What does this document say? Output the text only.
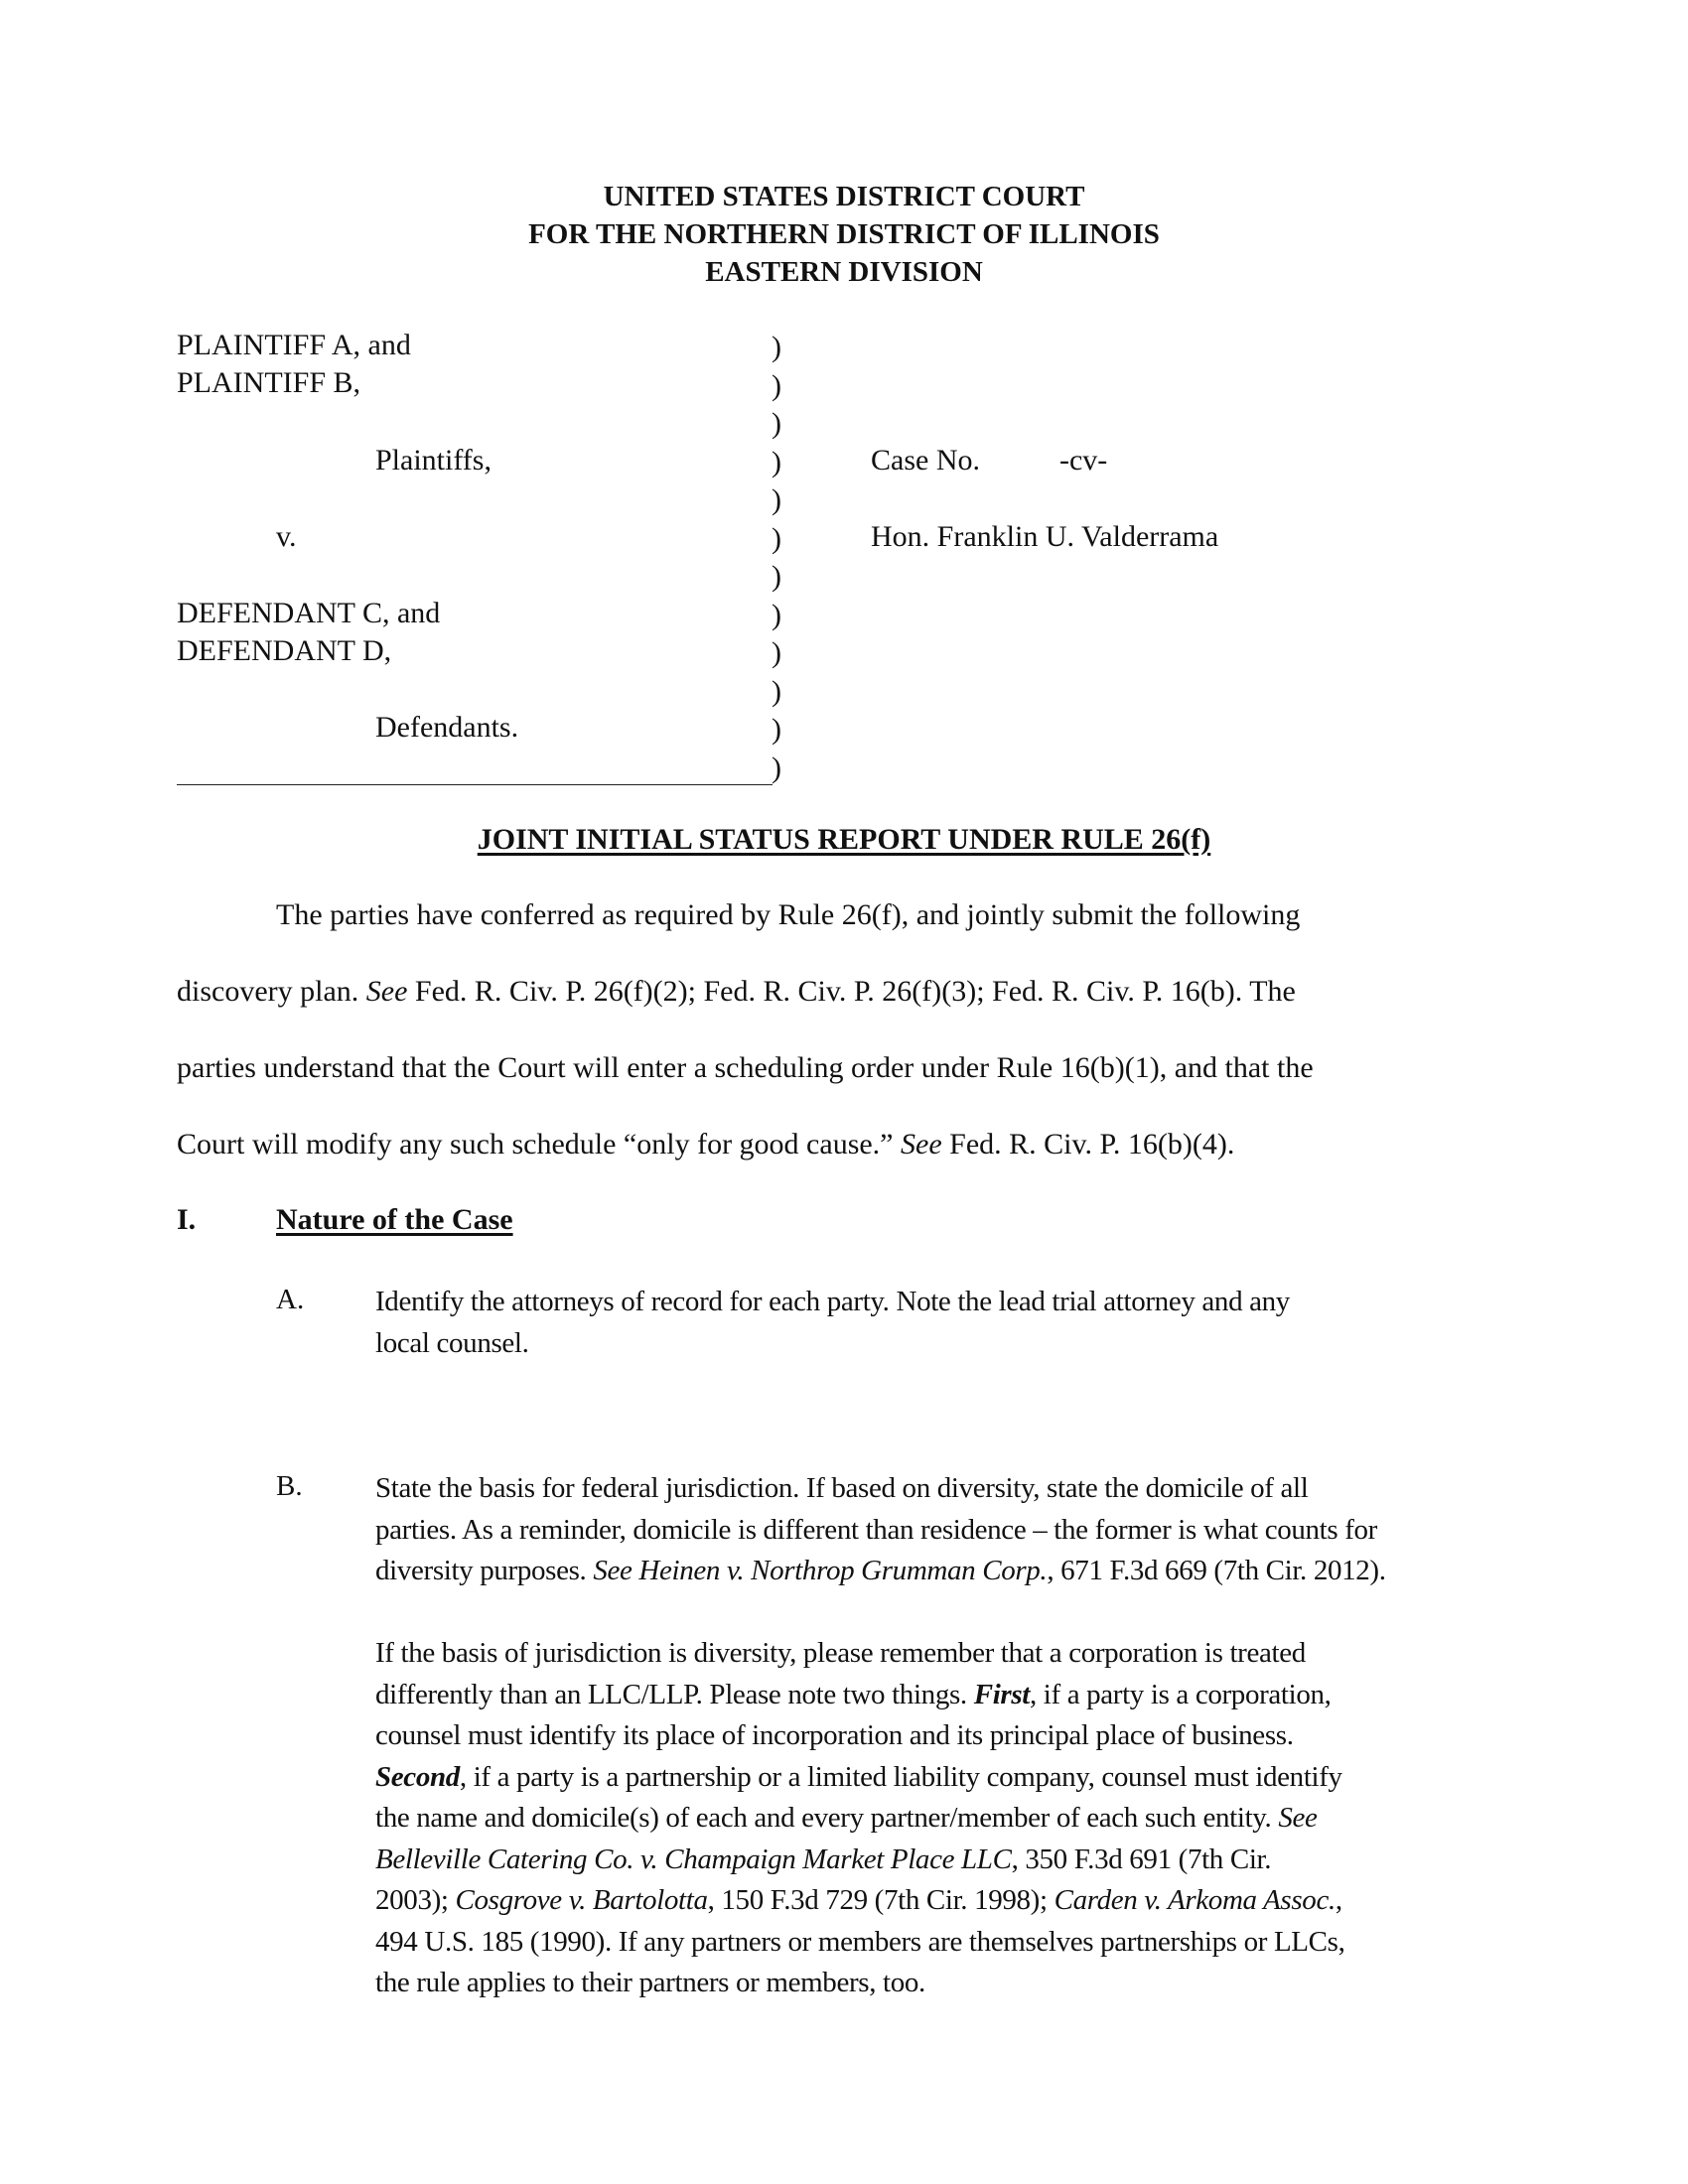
UNITED STATES DISTRICT COURT
FOR THE NORTHERN DISTRICT OF ILLINOIS
EASTERN DIVISION
PLAINTIFF A, and
PLAINTIFF B,
Plaintiffs,
v.
DEFENDANT C, and
DEFENDANT D,
Defendants.
)
)
)
)
)
)
)
)
)
)
)
)
Case No.	-cv-
Hon. Franklin U. Valderrama
JOINT INITIAL STATUS REPORT UNDER RULE 26(f)
The parties have conferred as required by Rule 26(f), and jointly submit the following
discovery plan. See Fed. R. Civ. P. 26(f)(2); Fed. R. Civ. P. 26(f)(3); Fed. R. Civ. P. 16(b). The
parties understand that the Court will enter a scheduling order under Rule 16(b)(1), and that the
Court will modify any such schedule “only for good cause.” See Fed. R. Civ. P. 16(b)(4).
I.	Nature of the Case
A. Identify the attorneys of record for each party. Note the lead trial attorney and any
local counsel.
B.	State the basis for federal jurisdiction. If based on diversity, state the domicile of all
parties. As a reminder, domicile is different than residence – the former is what counts for
diversity purposes. See Heinen v. Northrop Grumman Corp., 671 F.3d 669 (7th Cir. 2012).
If the basis of jurisdiction is diversity, please remember that a corporation is treated
differently than an LLC/LLP. Please note two things. First, if a party is a corporation,
counsel must identify its place of incorporation and its principal place of business.
Second, if a party is a partnership or a limited liability company, counsel must identify
the name and domicile(s) of each and every partner/member of each such entity. See
Belleville Catering Co. v. Champaign Market Place LLC, 350 F.3d 691 (7th Cir.
2003); Cosgrove v. Bartolotta, 150 F.3d 729 (7th Cir. 1998); Carden v. Arkoma Assoc.,
494 U.S. 185 (1990). If any partners or members are themselves partnerships or LLCs,
the rule applies to their partners or members, too.
